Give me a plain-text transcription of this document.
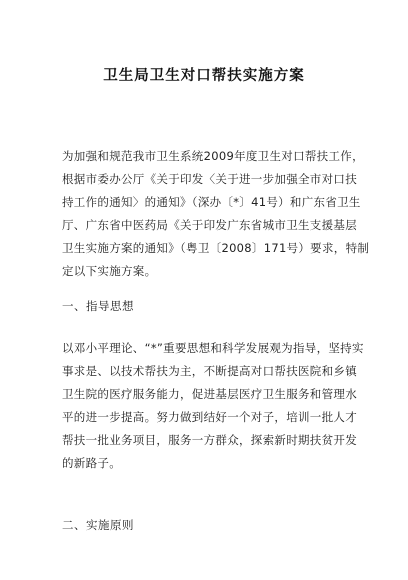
卫生局卫生对口帮扶实施方案
为加强和规范我市卫生系统2009年度卫生对口帮扶工作，
根据市委办公厅《关于印发〈关于进一步加强全市对口扶
持工作的通知〉的通知》（深办〔*〕41号）和广东省卫生
厅、广东省中医药局《关于印发广东省城市卫生支援基层
卫生实施方案的通知》（粤卫〔2008〕171号）要求，特制
定以下实施方案。
一、指导思想
以邓小平理论、“*”重要思想和科学发展观为指导，坚持实
事求是、以技术帮扶为主，不断提高对口帮扶医院和乡镇
卫生院的医疗服务能力，促进基层医疗卫生服务和管理水
平的进一步提高。努力做到结好一个对子，培训一批人才
帮扶一批业务项目，服务一方群众，探索新时期扶贫开发
的新路子。
二、实施原则
